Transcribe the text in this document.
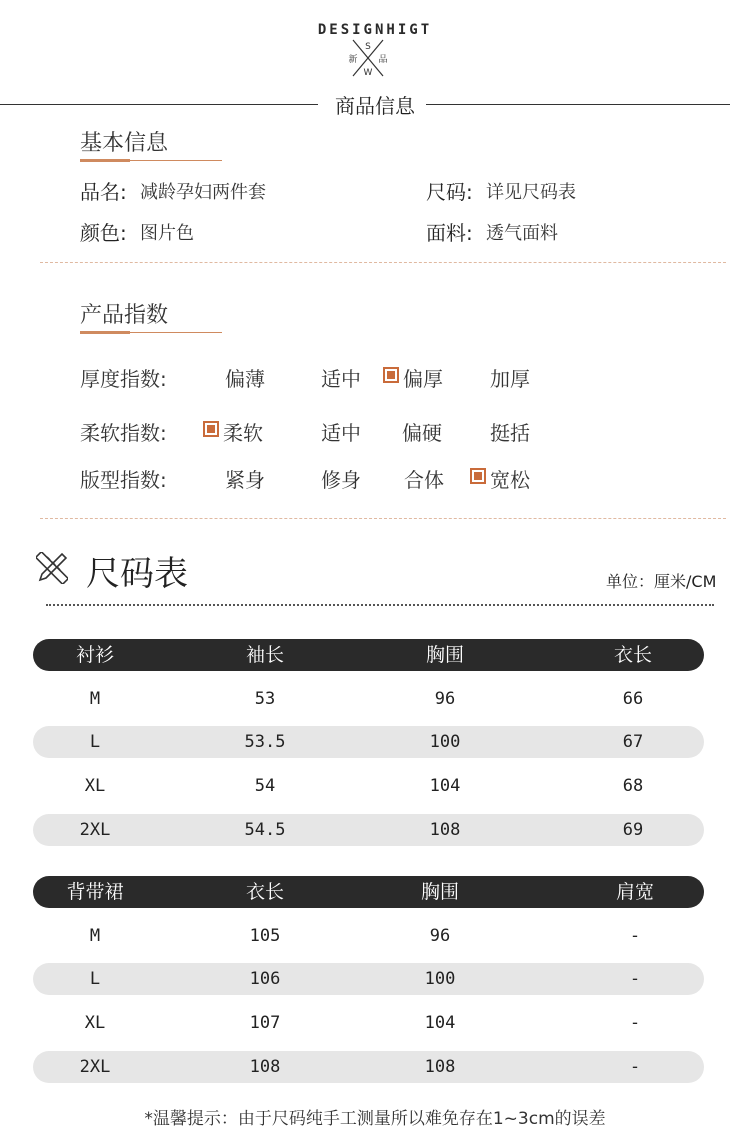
DESIGNHIGT
S
新 品
W
商品信息
基本信息
品名: 减龄孕妇两件套	尺码: 详见尺码表
颜色: 图片色	面料: 透气面料
产品指数
厚度指数:	偏薄	适中 偏厚 加厚
柔软指数:	柔软	适中 偏硬 挺括
版型指数:	紧身	修身 合体 宽松
尺码表	单位：厘米/CM
衬衫	袖长	胸围	衣长
M	53	96	66
L	53.5	100	67
XL	54	104	68
2XL	54.5	108	69
背带裙	衣长	胸围	肩宽
M	105	96	-
L	106	100	-
XL	107	104	-
2XL	108	108	-
*温馨提示：由于尺码纯手工测量所以难免存在1~3cm的误差
